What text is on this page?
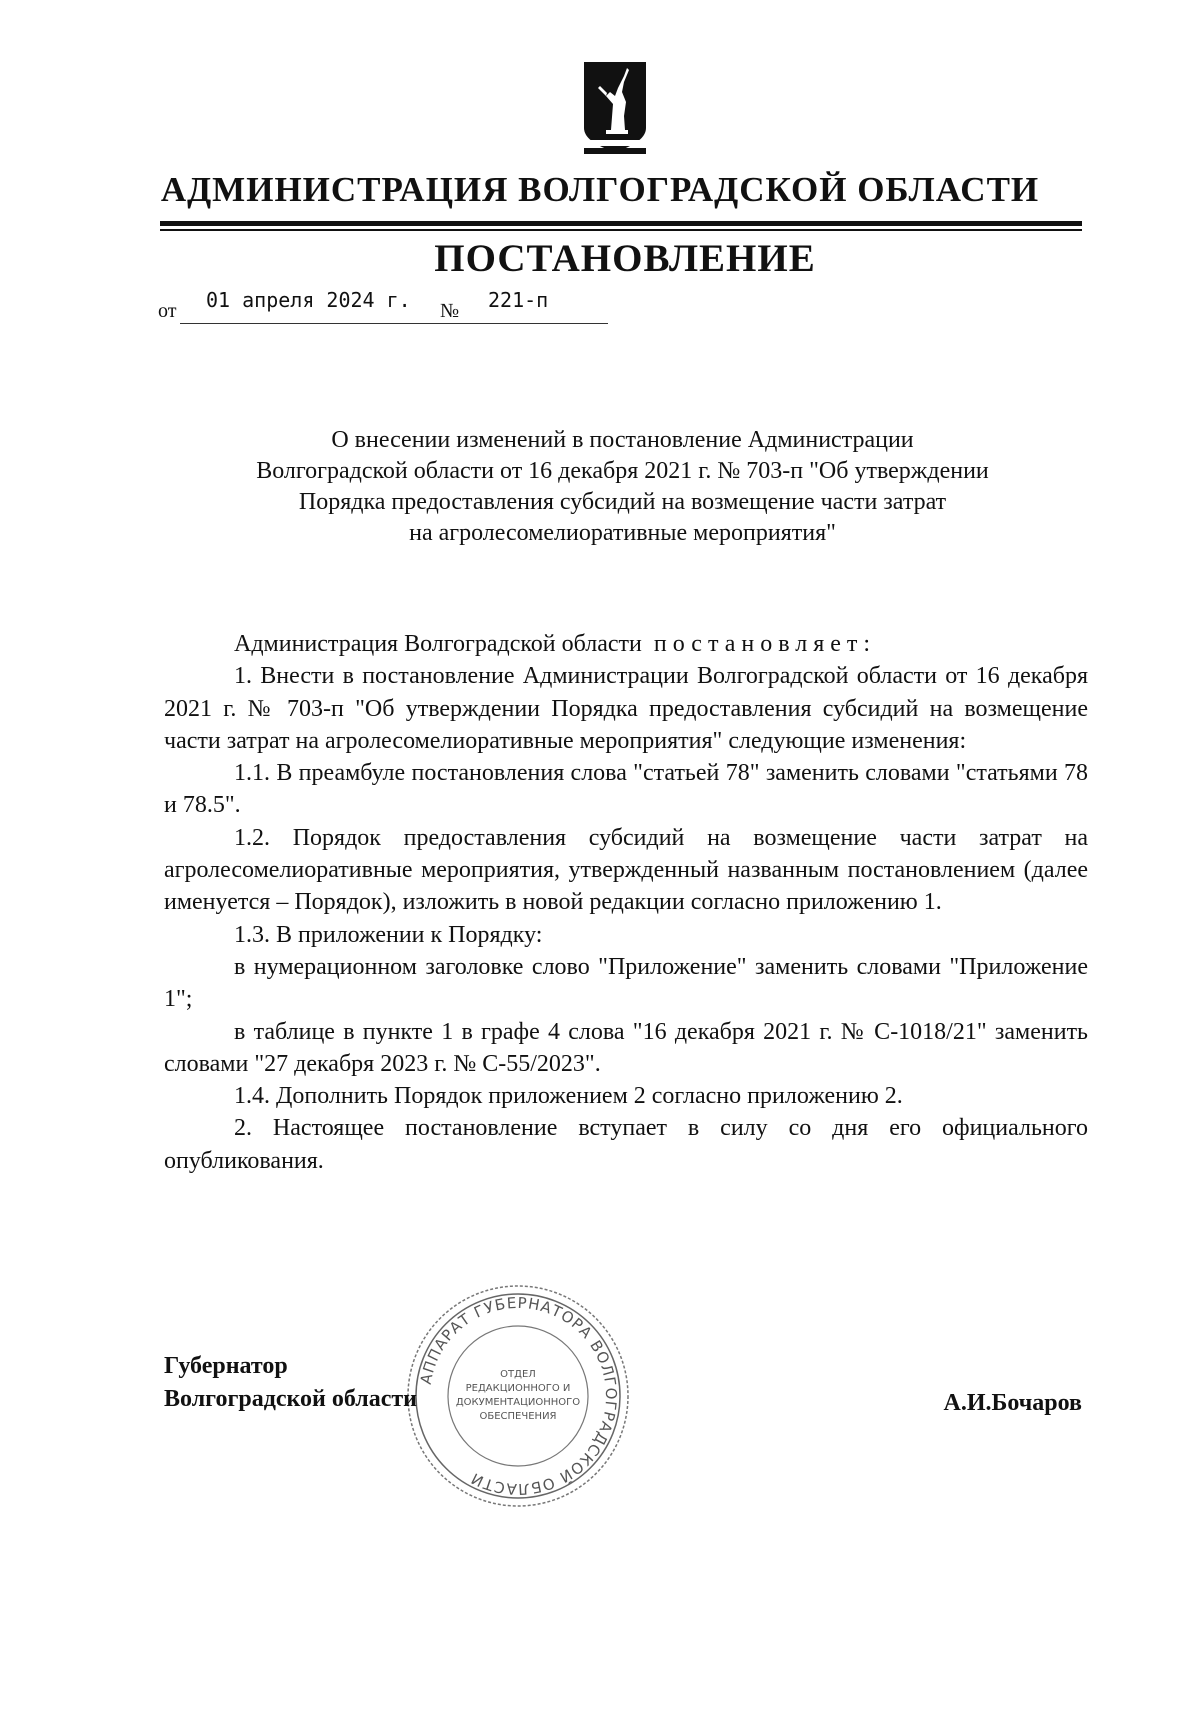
АДМИНИСТРАЦИЯ ВОЛГОГРАДСКОЙ ОБЛАСТИ
ПОСТАНОВЛЕНИЕ
от 01 апреля 2024 г. № 221-п
О внесении изменений в постановление Администрации
Волгоградской области от 16 декабря 2021 г. № 703-п "Об утверждении
Порядка предоставления субсидий на возмещение части затрат
на агролесомелиоративные мероприятия"

Администрация Волгоградской области постановляет:

1. Внести в постановление Администрации Волгоградской области от 16 декабря 2021 г. № 703-п "Об утверждении Порядка предоставления субсидий на возмещение части затрат на агролесомелиоративные мероприятия" следующие изменения:

1.1. В преамбуле постановления слова "статьей 78" заменить словами "статьями 78 и 78.5".

1.2. Порядок предоставления субсидий на возмещение части затрат на агролесомелиоративные мероприятия, утвержденный названным постановлением (далее именуется – Порядок), изложить в новой редакции согласно приложению 1.

1.3. В приложении к Порядку:

в нумерационном заголовке слово "Приложение" заменить словами "Приложение 1";

в таблице в пункте 1 в графе 4 слова "16 декабря 2021 г. № С-1018/21" заменить словами "27 декабря 2023 г. № С-55/2023".

1.4. Дополнить Порядок приложением 2 согласно приложению 2.

2. Настоящее постановление вступает в силу со дня его официального опубликования.

АППАРАТ ГУБЕРНАТОРА ВОЛГОГРАДСКОЙ ОБЛАСТИ
ОТДЕЛ
РЕДАКЦИОННОГО И
ДОКУМЕНТАЦИОННОГО
ОБЕСПЕЧЕНИЯ
Губернатор
Волгоградской области	А.И.Бочаров
